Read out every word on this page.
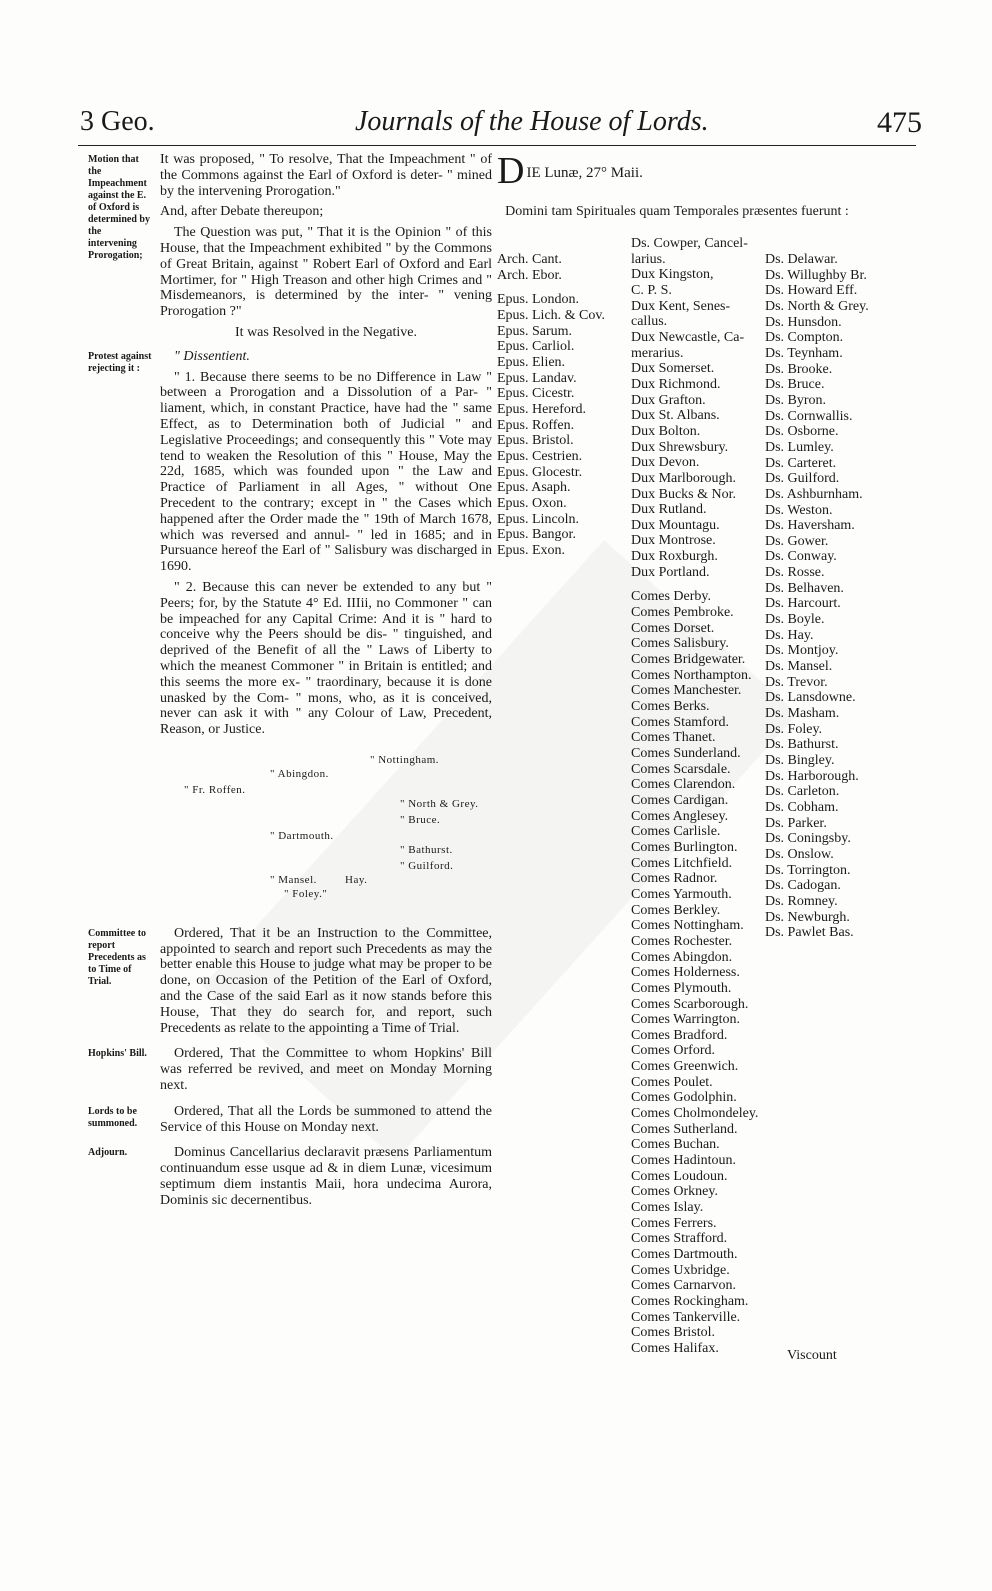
3 Geo.	Journals of the House of Lords.	475
Motion that the Impeachment against the E. of Oxford is determined by the intervening Prorogation;

It was proposed, " To resolve, That the Impeachment " of the Commons against the Earl of Oxford is deter- " mined by the intervening Prorogation."

And, after Debate thereupon;

The Question was put, " That it is the Opinion " of this House, that the Impeachment exhibited " by the Commons of Great Britain, against " Robert Earl of Oxford and Earl Mortimer, for " High Treason and other high Crimes and " Misdemeanors, is determined by the inter- " vening Prorogation ?"

It was Resolved in the Negative.

Protest against rejecting it :

" Dissentient.

" 1. Because there seems to be no Difference in Law " between a Prorogation and a Dissolution of a Par- " liament, which, in constant Practice, have had the " same Effect, as to Determination both of Judicial " and Legislative Proceedings; and consequently this " Vote may tend to weaken the Resolution of this " House, May the 22d, 1685, which was founded upon " the Law and Practice of Parliament in all Ages, " without One Precedent to the contrary; except in " the Cases which happened after the Order made the " 19th of March 1678, which was reversed and annul- " led in 1685; and in Pursuance hereof the Earl of " Salisbury was discharged in 1690.

" 2. Because this can never be extended to any but " Peers; for, by the Statute 4° Ed. IIIii, no Commoner " can be impeached for any Capital Crime: And it is " hard to conceive why the Peers should be dis- " tinguished, and deprived of the Benefit of all the " Laws of Liberty to which the meanest Commoner " in Britain is entitled; and this seems the more ex- " traordinary, because it is done unasked by the Com- " mons, who, as it is conceived, never can ask it with " any Colour of Law, Precedent, Reason, or Justice.

" Nottingham.
" Abingdon.
" Fr. Roffen.
" North & Grey.
" Bruce.
" Dartmouth.
" Bathurst.
" Guilford.
" Mansel.	Hay.
" Foley."
Committee to report Precedents as to Time of Trial.

Ordered, That it be an Instruction to the Committee, appointed to search and report such Precedents as may the better enable this House to judge what may be proper to be done, on Occasion of the Petition of the Earl of Oxford, and the Case of the said Earl as it now stands before this House, That they do search for, and report, such Precedents as relate to the appointing a Time of Trial.

Hopkins' Bill.	Ordered, That the Committee to whom Hopkins' Bill was referred be revived, and meet on Monday Morning next.

Lords to be summoned.

Ordered, That all the Lords be summoned to attend the Service of this House on Monday next.

Adjourn.	Dominus Cancellarius declaravit præsens Parliamentum continuandum esse usque ad & in diem Lunæ, vicesimum septimum diem instantis Maii, hora undecima Aurora, Dominis sic decernentibus.

DIE Lunæ, 27° Maii.
Domini tam Spirituales quam Temporales præsentes fuerunt :
Arch. Cant.
Arch. Ebor.
Epus. London.
Epus. Lich. & Cov.
Epus. Sarum.
Epus. Carliol.
Epus. Elien.
Epus. Landav.
Epus. Cicestr.
Epus. Hereford.
Epus. Roffen.
Epus. Bristol.
Epus. Cestrien.
Epus. Glocestr.
Epus. Asaph.
Epus. Oxon.
Epus. Lincoln.
Epus. Bangor.
Epus. Exon.
Ds. Cowper, Cancel-
larius.
Dux Kingston,
C. P. S.
Dux Kent, Senes-
callus.
Dux Newcastle, Ca-
merarius.
Dux Somerset.
Dux Richmond.
Dux Grafton.
Dux St. Albans.
Dux Bolton.
Dux Shrewsbury.
Dux Devon.
Dux Marlborough.
Dux Bucks & Nor.
Dux Rutland.
Dux Mountagu.
Dux Montrose.
Dux Roxburgh.
Dux Portland.
Comes Derby.
Comes Pembroke.
Comes Dorset.
Comes Salisbury.
Comes Bridgewater.
Comes Northampton.
Comes Manchester.
Comes Berks.
Comes Stamford.
Comes Thanet.
Comes Sunderland.
Comes Scarsdale.
Comes Clarendon.
Comes Cardigan.
Comes Anglesey.
Comes Carlisle.
Comes Burlington.
Comes Litchfield.
Comes Radnor.
Comes Yarmouth.
Comes Berkley.
Comes Nottingham.
Comes Rochester.
Comes Abingdon.
Comes Holderness.
Comes Plymouth.
Comes Scarborough.
Comes Warrington.
Comes Bradford.
Comes Orford.
Comes Greenwich.
Comes Poulet.
Comes Godolphin.
Comes Cholmondeley.
Comes Sutherland.
Comes Buchan.
Comes Hadintoun.
Comes Loudoun.
Comes Orkney.
Comes Islay.
Comes Ferrers.
Comes Strafford.
Comes Dartmouth.
Comes Uxbridge.
Comes Carnarvon.
Comes Rockingham.
Comes Tankerville.
Comes Bristol.
Comes Halifax.
Ds. Delawar.
Ds. Willughby Br.
Ds. Howard Eff.
Ds. North & Grey.
Ds. Hunsdon.
Ds. Compton.
Ds. Teynham.
Ds. Brooke.
Ds. Bruce.
Ds. Byron.
Ds. Cornwallis.
Ds. Osborne.
Ds. Lumley.
Ds. Carteret.
Ds. Guilford.
Ds. Ashburnham.
Ds. Weston.
Ds. Haversham.
Ds. Gower.
Ds. Conway.
Ds. Rosse.
Ds. Belhaven.
Ds. Harcourt.
Ds. Boyle.
Ds. Hay.
Ds. Montjoy.
Ds. Mansel.
Ds. Trevor.
Ds. Lansdowne.
Ds. Masham.
Ds. Foley.
Ds. Bathurst.
Ds. Bingley.
Ds. Harborough.
Ds. Carleton.
Ds. Cobham.
Ds. Parker.
Ds. Coningsby.
Ds. Onslow.
Ds. Torrington.
Ds. Cadogan.
Ds. Romney.
Ds. Newburgh.
Ds. Pawlet Bas.
Viscount
